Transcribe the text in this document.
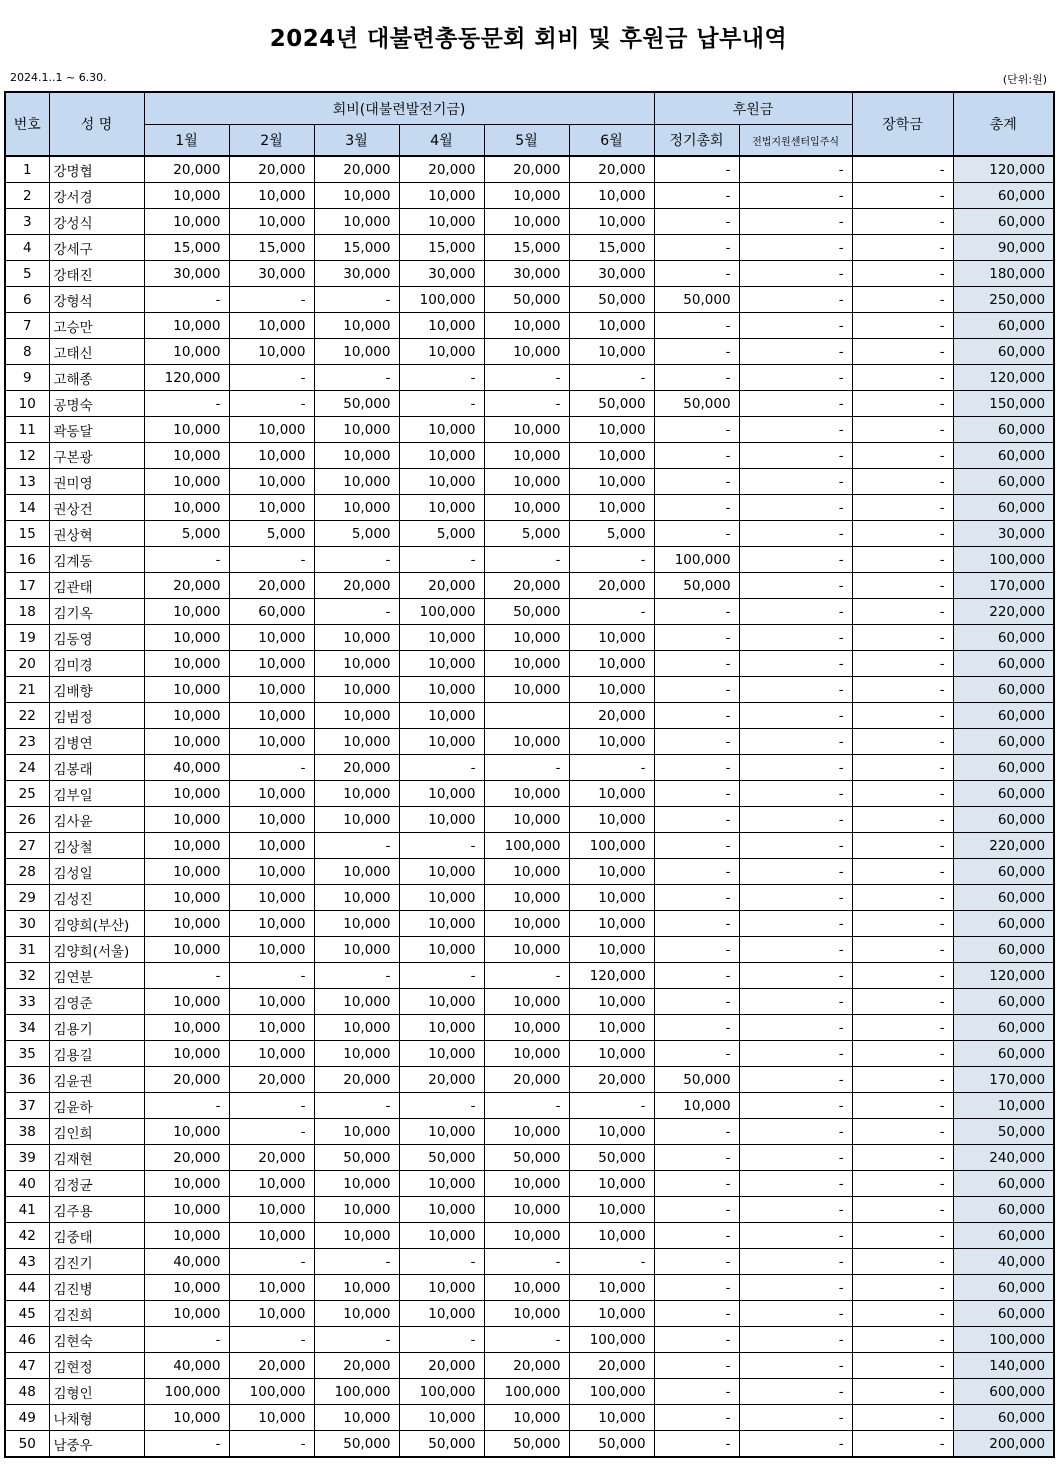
2024년 대불련총동문회 회비 및 후원금 납부내역
2024.1..1 ~ 6.30.	(단위:원)
번호	성 명	회비(대불련발전기금)						후원금		장학금	총계
		1월	2월	3월	4월	5월	6월	정기총회	전법지원센터입주식		
1	강명협	20,000	20,000	20,000	20,000	20,000	20,000	-	-	-	120,000
2	강서경	10,000	10,000	10,000	10,000	10,000	10,000	-	-	-	60,000
3	강성식	10,000	10,000	10,000	10,000	10,000	10,000	-	-	-	60,000
4	강세구	15,000	15,000	15,000	15,000	15,000	15,000	-	-	-	90,000
5	강태진	30,000	30,000	30,000	30,000	30,000	30,000	-	-	-	180,000
6	강형석	-	-	-	100,000	50,000	50,000	50,000	-	-	250,000
7	고승만	10,000	10,000	10,000	10,000	10,000	10,000	-	-	-	60,000
8	고태신	10,000	10,000	10,000	10,000	10,000	10,000	-	-	-	60,000
9	고해종	120,000	-	-	-	-	-	-	-	-	120,000
10	공명숙	-	-	50,000	-	-	50,000	50,000	-	-	150,000
11	곽동달	10,000	10,000	10,000	10,000	10,000	10,000	-	-	-	60,000
12	구본광	10,000	10,000	10,000	10,000	10,000	10,000	-	-	-	60,000
13	권미영	10,000	10,000	10,000	10,000	10,000	10,000	-	-	-	60,000
14	권상건	10,000	10,000	10,000	10,000	10,000	10,000	-	-	-	60,000
15	권상혁	5,000	5,000	5,000	5,000	5,000	5,000	-	-	-	30,000
16	김계동	-	-	-	-	-	-	100,000	-	-	100,000
17	김관태	20,000	20,000	20,000	20,000	20,000	20,000	50,000	-	-	170,000
18	김기옥	10,000	60,000	-	100,000	50,000	-	-	-	-	220,000
19	김동영	10,000	10,000	10,000	10,000	10,000	10,000	-	-	-	60,000
20	김미경	10,000	10,000	10,000	10,000	10,000	10,000	-	-	-	60,000
21	김배향	10,000	10,000	10,000	10,000	10,000	10,000	-	-	-	60,000
22	김범정	10,000	10,000	10,000	10,000		20,000	-	-	-	60,000
23	김병연	10,000	10,000	10,000	10,000	10,000	10,000	-	-	-	60,000
24	김봉래	40,000	-	20,000	-	-	-	-	-	-	60,000
25	김부일	10,000	10,000	10,000	10,000	10,000	10,000	-	-	-	60,000
26	김사윤	10,000	10,000	10,000	10,000	10,000	10,000	-	-	-	60,000
27	김상철	10,000	10,000	-	-	100,000	100,000	-	-	-	220,000
28	김성일	10,000	10,000	10,000	10,000	10,000	10,000	-	-	-	60,000
29	김성진	10,000	10,000	10,000	10,000	10,000	10,000	-	-	-	60,000
30	김양희(부산)	10,000	10,000	10,000	10,000	10,000	10,000	-	-	-	60,000
31	김양희(서울)	10,000	10,000	10,000	10,000	10,000	10,000	-	-	-	60,000
32	김연분	-	-	-	-	-	120,000	-	-	-	120,000
33	김영준	10,000	10,000	10,000	10,000	10,000	10,000	-	-	-	60,000
34	김용기	10,000	10,000	10,000	10,000	10,000	10,000	-	-	-	60,000
35	김용길	10,000	10,000	10,000	10,000	10,000	10,000	-	-	-	60,000
36	김윤권	20,000	20,000	20,000	20,000	20,000	20,000	50,000	-	-	170,000
37	김윤하	-	-	-	-	-	-	10,000	-	-	10,000
38	김인희	10,000	-	10,000	10,000	10,000	10,000	-	-	-	50,000
39	김재현	20,000	20,000	50,000	50,000	50,000	50,000	-	-	-	240,000
40	김정균	10,000	10,000	10,000	10,000	10,000	10,000	-	-	-	60,000
41	김주용	10,000	10,000	10,000	10,000	10,000	10,000	-	-	-	60,000
42	김중태	10,000	10,000	10,000	10,000	10,000	10,000	-	-	-	60,000
43	김진기	40,000	-	-	-	-	-	-	-	-	40,000
44	김진병	10,000	10,000	10,000	10,000	10,000	10,000	-	-	-	60,000
45	김진희	10,000	10,000	10,000	10,000	10,000	10,000	-	-	-	60,000
46	김현숙	-	-	-	-	-	100,000	-	-	-	100,000
47	김현정	40,000	20,000	20,000	20,000	20,000	20,000	-	-	-	140,000
48	김형인	100,000	100,000	100,000	100,000	100,000	100,000	-	-	-	600,000
49	나채형	10,000	10,000	10,000	10,000	10,000	10,000	-	-	-	60,000
50	남중우	-	-	50,000	50,000	50,000	50,000	-	-	-	200,000
